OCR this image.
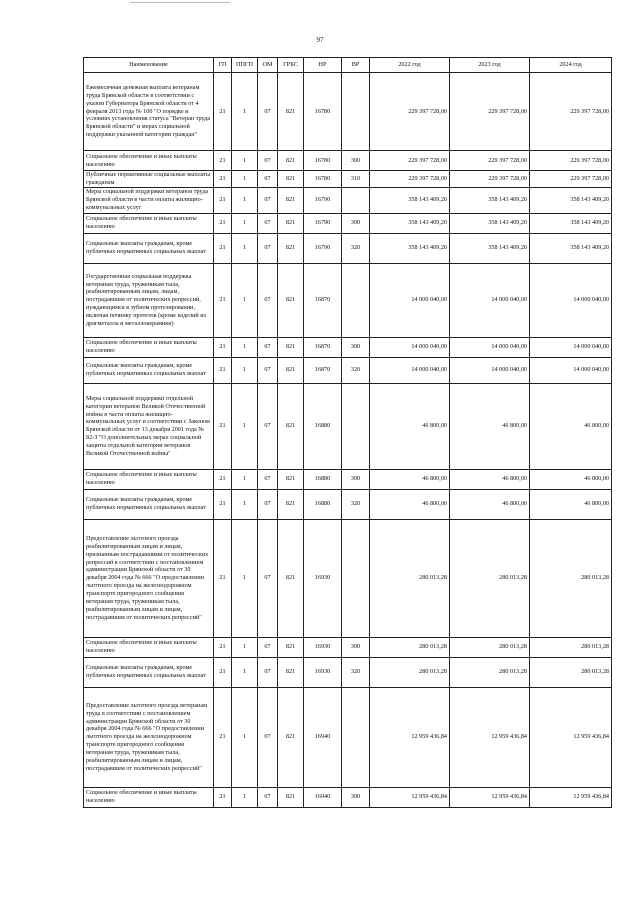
97
Наименование	ГП	ППГП	ОМ	ГРБС	НР	ВР	2022 год	2023 год	2024 год
Ежемесячная денежная выплата ветеранам труда Брянской области в соответствии с указом Губернатора Брянской области от 4 февраля 2013 года № 100 "О порядке и условиях установления статуса "Ветеран труда Брянской области" и мерах социальной поддержки указанной категории граждан"	21	1	07	821	16780		229 397 728,00	229 397 728,00	229 397 728,00
Социальное обеспечение и иные выплаты населению	21	1	07	821	16780	300	229 397 728,00	229 397 728,00	229 397 728,00
Публичные нормативные социальные выплаты гражданам	21	1	07	821	16780	310	229 397 728,00	229 397 728,00	229 397 728,00
Меры социальной поддержки ветеранов труда Брянской области в части оплаты жилищно-коммунальных услуг	21	1	07	821	16790		358 143 409,20	358 143 409,20	358 143 409,20
Социальное обеспечение и иные выплаты населению	21	1	07	821	16790	300	358 143 409,20	358 143 409,20	358 143 409,20
Социальные выплаты гражданам, кроме публичных нормативных социальных выплат	21	1	07	821	16790	320	358 143 409,20	358 143 409,20	358 143 409,20
Государственная социальная поддержка ветеранам труда, труженикам тыла, реабилитированным лицам, лицам, пострадавшим от политических репрессий, нуждающимся в зубном протезировании, включая починку протезов (кроме изделий из драгметалла и металлокерамики)	21	1	07	821	16870		14 000 040,00	14 000 040,00	14 000 040,00
Социальное обеспечение и иные выплаты населению	21	1	07	821	16870	300	14 000 040,00	14 000 040,00	14 000 040,00
Социальные выплаты гражданам, кроме публичных нормативных социальных выплат	21	1	07	821	16870	320	14 000 040,00	14 000 040,00	14 000 040,00
Меры социальной поддержки отдельной категории ветеранов Великой Отечественной войны в части оплаты жилищно-коммунальных услуг в соответствии с Законом Брянской области от 13 декабря 2001 года № 82-З "О дополнительных мерах социальной защиты отдельной категории ветеранов Великой Отечественной войны"	21	1	07	821	16880		46 800,00	46 800,00	46 800,00
Социальное обеспечение и иные выплаты населению	21	1	07	821	16880	300	46 800,00	46 800,00	46 800,00
Социальные выплаты гражданам, кроме публичных нормативных социальных выплат	21	1	07	821	16880	320	46 800,00	46 800,00	46 800,00
Предоставление льготного проезда реабилитированным лицам и лицам, признанным пострадавшими от политических репрессий в соответствии с постановлением администрации Брянской области от 30 декабря 2004 года № 666 "О предоставлении льготного проезда на железнодорожном транспорте пригородного сообщения ветеранам труда, труженикам тыла, реабилитированным лицам и лицам, пострадавшим от политических репрессий"	21	1	07	821	16930		280 013,28	280 013,28	280 013,28
Социальное обеспечение и иные выплаты населению	21	1	07	821	16930	300	280 013,28	280 013,28	280 013,28
Социальные выплаты гражданам, кроме публичных нормативных социальных выплат	21	1	07	821	16930	320	280 013,28	280 013,28	280 013,28
Предоставление льготного проезда ветеранам труда в соответствии с постановлением администрации Брянской области от 30 декабря 2004 года № 666 "О предоставлении льготного проезда на железнодорожном транспорте пригородного сообщения ветеранам труда, труженикам тыла, реабилитированным лицам и лицам, пострадавшим от политических репрессий"	21	1	07	821	16940		12 959 436,84	12 959 436,84	12 959 436,84
Социальное обеспечение и иные выплаты населению	21	1	07	821	16940	300	12 959 436,84	12 959 436,84	12 959 436,84
